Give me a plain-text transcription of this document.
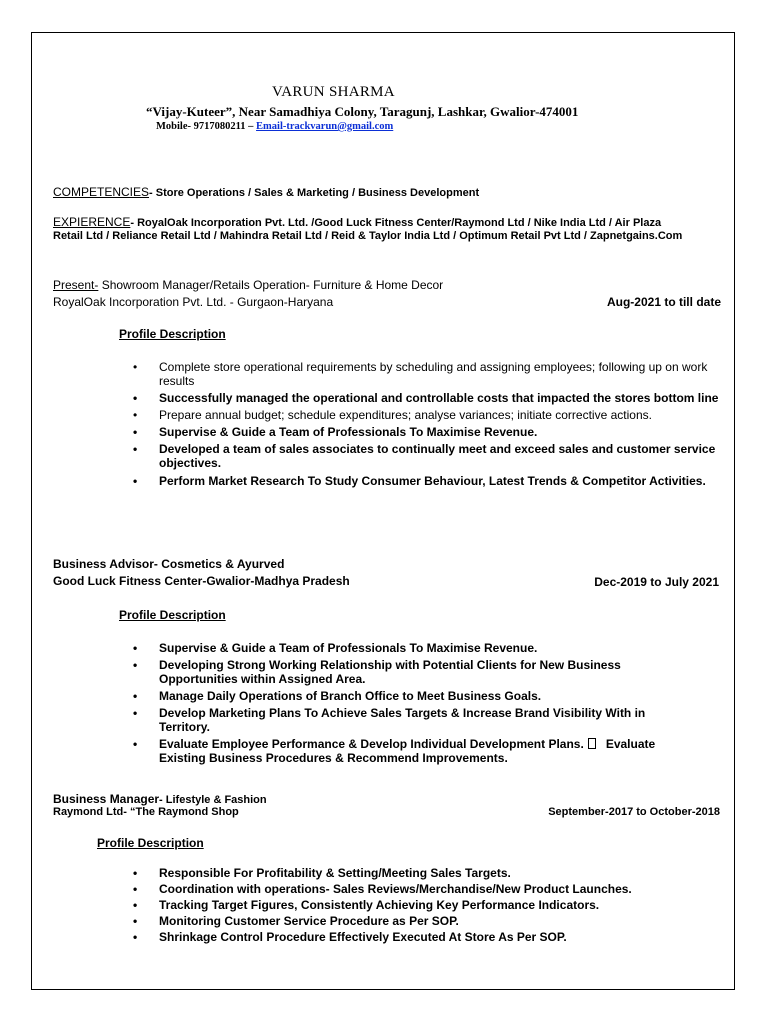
VARUN SHARMA
“Vijay-Kuteer”, Near Samadhiya Colony, Taragunj, Lashkar, Gwalior-474001
Mobile- 9717080211 – Email-trackvarun@gmail.com
COMPETENCIES- Store Operations / Sales & Marketing / Business Development
EXPIERENCE- RoyalOak Incorporation Pvt. Ltd. /Good Luck Fitness Center/Raymond Ltd / Nike India Ltd / Air Plaza
Retail Ltd / Reliance Retail Ltd / Mahindra Retail Ltd / Reid & Taylor India Ltd / Optimum Retail Pvt Ltd / Zapnetgains.Com
Present- Showroom Manager/Retails Operation- Furniture & Home Decor
RoyalOak Incorporation Pvt. Ltd. - Gurgaon-Haryana	Aug-2021 to till date
Profile Description
• Complete store operational requirements by scheduling and assigning employees; following up on work results
• Successfully managed the operational and controllable costs that impacted the stores bottom line
• Prepare annual budget; schedule expenditures; analyse variances; initiate corrective actions.
• Supervise & Guide a Team of Professionals To Maximise Revenue.
• Developed a team of sales associates to continually meet and exceed sales and customer service objectives.
• Perform Market Research To Study Consumer Behaviour, Latest Trends & Competitor Activities.
Business Advisor- Cosmetics & Ayurved
Good Luck Fitness Center-Gwalior-Madhya Pradesh	Dec-2019 to July 2021
Profile Description
• Supervise & Guide a Team of Professionals To Maximise Revenue.
• Developing Strong Working Relationship with Potential Clients for New Business Opportunities within Assigned Area.
• Manage Daily Operations of Branch Office to Meet Business Goals.
• Develop Marketing Plans To Achieve Sales Targets & Increase Brand Visibility With in Territory.
• Evaluate Employee Performance & Develop Individual Development Plans. Evaluate
Existing Business Procedures & Recommend Improvements.
Business Manager- Lifestyle & Fashion
Raymond Ltd- “The Raymond Shop	September-2017 to October-2018
Profile Description
• Responsible For Profitability & Setting/Meeting Sales Targets.
• Coordination with operations- Sales Reviews/Merchandise/New Product Launches.
• Tracking Target Figures, Consistently Achieving Key Performance Indicators.
• Monitoring Customer Service Procedure as Per SOP.
• Shrinkage Control Procedure Effectively Executed At Store As Per SOP.
